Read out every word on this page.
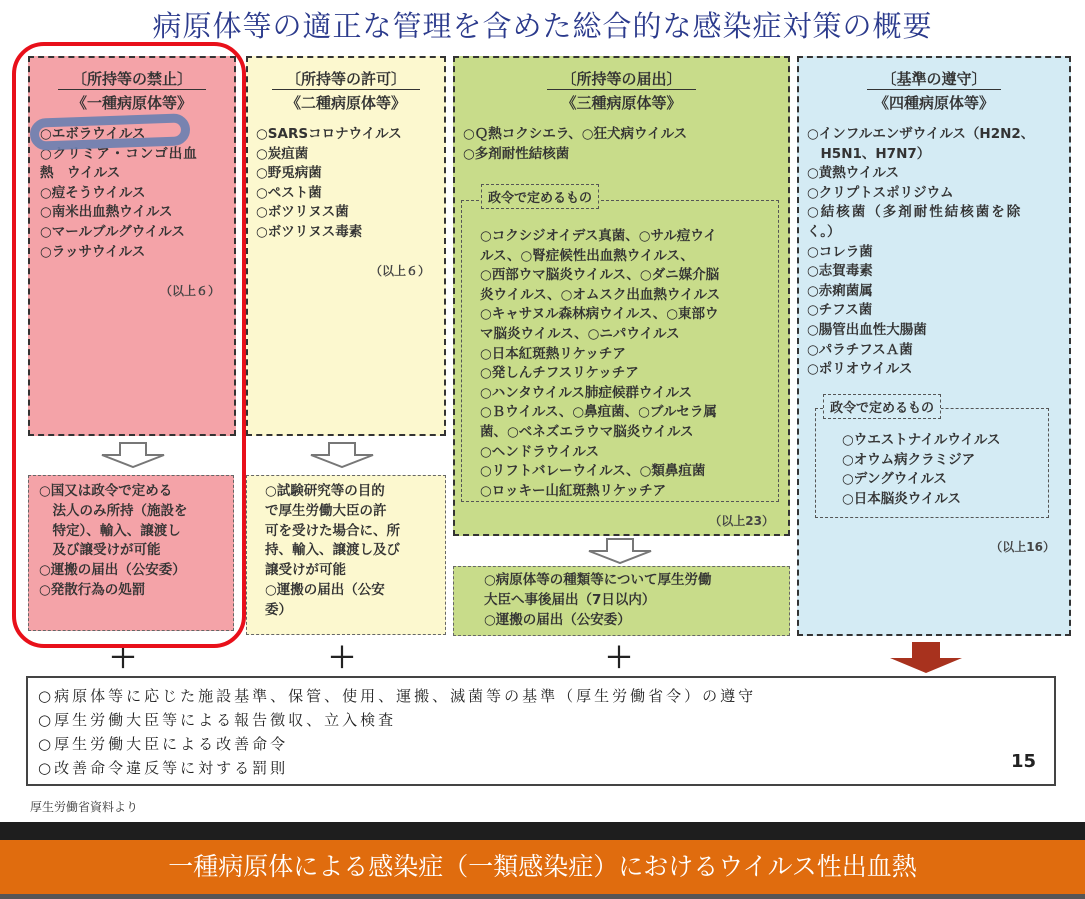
病原体等の適正な管理を含めた総合的な感染症対策の概要
〔所持等の禁止〕
《一種病原体等》
○エボラウイルス
○クリミア・コンゴ出血
熱　ウイルス
○痘そうウイルス
○南米出血熱ウイルス
○マールブルグウイルス
○ラッサウイルス
（以上６）
〔所持等の許可〕
《二種病原体等》
○SARSコロナウイルス
○炭疽菌
○野兎病菌
○ペスト菌
○ボツリヌス菌
○ボツリヌス毒素
（以上６）
〔所持等の届出〕
《三種病原体等》
○Ｑ熱コクシエラ、○狂犬病ウイルス
○多剤耐性結核菌
○コクシジオイデス真菌、○サル痘ウイ
ルス、○腎症候性出血熱ウイルス、
○西部ウマ脳炎ウイルス、○ダニ媒介脳
炎ウイルス、○オムスク出血熱ウイルス
○キャサヌル森林病ウイルス、○東部ウ
マ脳炎ウイルス、○ニパウイルス
○日本紅斑熱リケッチア
○発しんチフスリケッチア
○ハンタウイルス肺症候群ウイルス
○Ｂウイルス、○鼻疽菌、○ブルセラ属
菌、○ベネズエラウマ脳炎ウイルス
○ヘンドラウイルス
○リフトバレーウイルス、○類鼻疽菌
○ロッキー山紅斑熱リケッチア
政令で定めるもの
（以上23）
〔基準の遵守〕
《四種病原体等》
○インフルエンザウイルス（H2N2、
　H5N1、H7N7）
○黄熱ウイルス
○クリプトスポリジウム
○結核菌（多剤耐性結核菌を除
く。）
○コレラ菌
○志賀毒素
○赤痢菌属
○チフス菌
○腸管出血性大腸菌
○パラチフスＡ菌
○ポリオウイルス
○ウエストナイルウイルス
○オウム病クラミジア
○デングウイルス
○日本脳炎ウイルス
政令で定めるもの
（以上16）
○国又は政令で定める
　法人のみ所持（施設を
　特定）、輸入、譲渡し
　及び譲受けが可能
○運搬の届出（公安委）
○発散行為の処罰
○試験研究等の目的
で厚生労働大臣の許
可を受けた場合に、所
持、輸入、譲渡し及び
譲受けが可能
○運搬の届出（公安
委）
○病原体等の種類等について厚生労働
大臣へ事後届出（7日以内）
○運搬の届出（公安委）
＋	＋	＋
○病原体等に応じた施設基準、保管、使用、運搬、滅菌等の基準（厚生労働省令）の遵守
○厚生労働大臣等による報告徴収、立入検査
○厚生労働大臣による改善命令
○改善命令違反等に対する罰則	15
厚生労働省資料より
一種病原体による感染症（一類感染症）におけるウイルス性出血熱
